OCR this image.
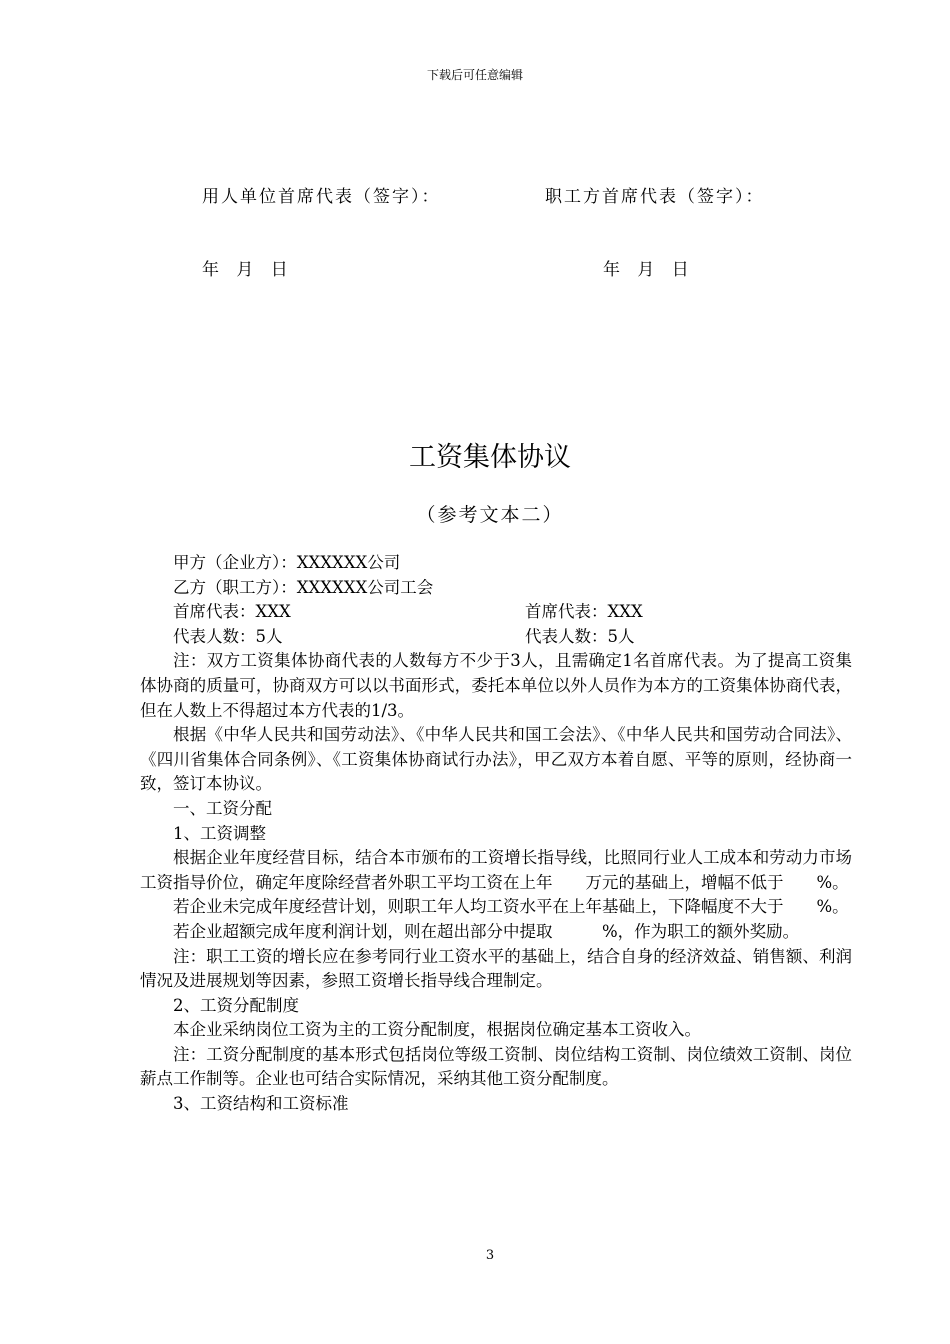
下载后可任意编辑
用人单位首席代表（签字）：	职工方首席代表（签字）：
年 月 日	年 月 日
工资集体协议
（参考文本二）

甲方（企业方）：XXXXXX公司

乙方（职工方）：XXXXXX公司工会

首席代表：XXX	首席代表：XXX
代表人数：5人	代表人数：5人

注：双方工资集体协商代表的人数每方不少于3人，且需确定1名首席代表。为了提高工资集体协商的质量可，协商双方可以以书面形式，委托本单位以外人员作为本方的工资集体协商代表，但在人数上不得超过本方代表的1/3。

根据《中华人民共和国劳动法》、《中华人民共和国工会法》、《中华人民共和国劳动合同法》、《四川省集体合同条例》、《工资集体协商试行办法》，甲乙双方本着自愿、平等的原则，经协商一致，签订本协议。

一、工资分配

1、工资调整

根据企业年度经营目标，结合本市颁布的工资增长指导线，比照同行业人工成本和劳动力市场工资指导价位，确定年度除经营者外职工平均工资在上年　　万元的基础上，增幅不低于　　%。

若企业未完成年度经营计划，则职工年人均工资水平在上年基础上，下降幅度不大于　　%。

若企业超额完成年度利润计划，则在超出部分中提取　　　%，作为职工的额外奖励。

注：职工工资的增长应在参考同行业工资水平的基础上，结合自身的经济效益、销售额、利润情况及进展规划等因素，参照工资增长指导线合理制定。

2、工资分配制度

本企业采纳岗位工资为主的工资分配制度，根据岗位确定基本工资收入。

注：工资分配制度的基本形式包括岗位等级工资制、岗位结构工资制、岗位绩效工资制、岗位薪点工作制等。企业也可结合实际情况，采纳其他工资分配制度。

3、工资结构和工资标准

3
